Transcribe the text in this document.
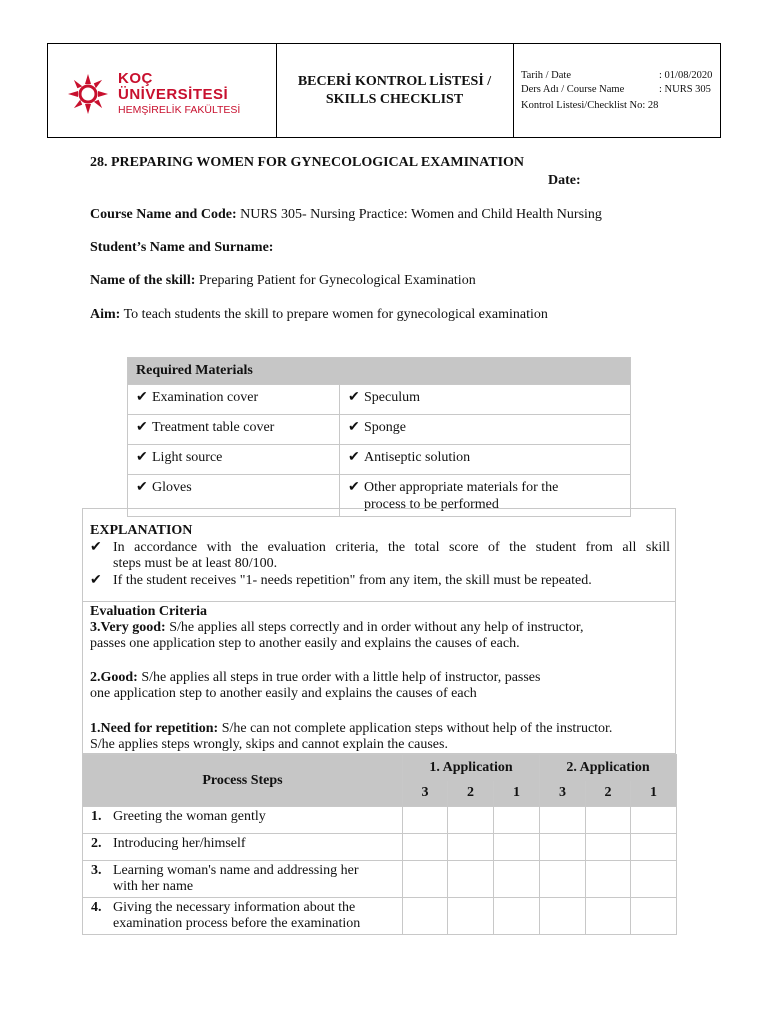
KOÇ
ÜNİVERSİTESİ
HEMŞİRELİK FAKÜLTESİ
BECERİ KONTROL LİSTESİ /
SKILLS CHECKLIST
Tarih / Date	: 01/08/2020
Ders Adı / Course Name	: NURS 305
Kontrol Listesi/Checklist No: 28
28. PREPARING WOMEN FOR GYNECOLOGICAL EXAMINATION
Date:
Course Name and Code: NURS 305- Nursing Practice: Women and Child Health Nursing
Student’s Name and Surname:
Name of the skill: Preparing Patient for Gynecological Examination
Aim: To teach students the skill to prepare women for gynecological examination
Required Materials	
✔ Examination cover	✔ Speculum
✔ Treatment table cover	✔ Sponge
✔ Light source	✔ Antiseptic solution
✔ Gloves	✔ Other appropriate materials for the
process to be performed
EXPLANATION
✔ In accordance with the evaluation criteria, the total score of the student from all skill
steps must be at least 80/100.
✔ If the student receives "1- needs repetition" from any item, the skill must be repeated.
Evaluation Criteria
3.Very good: S/he applies all steps correctly and in order without any help of instructor,
passes one application step to another easily and explains the causes of each.
2.Good: S/he applies all steps in true order with a little help of instructor, passes
one application step to another easily and explains the causes of each
1.Need for repetition: S/he can not complete application steps without help of the instructor.
S/he applies steps wrongly, skips and cannot explain the causes.
Process Steps	1. Application			2. Application		
	3	2	1	3	2	1
1. Greeting the woman gently						
2. Introducing her/himself						
3. Learning woman's name and addressing her
with her name						
4. Giving the necessary information about the
examination process before the examination						
